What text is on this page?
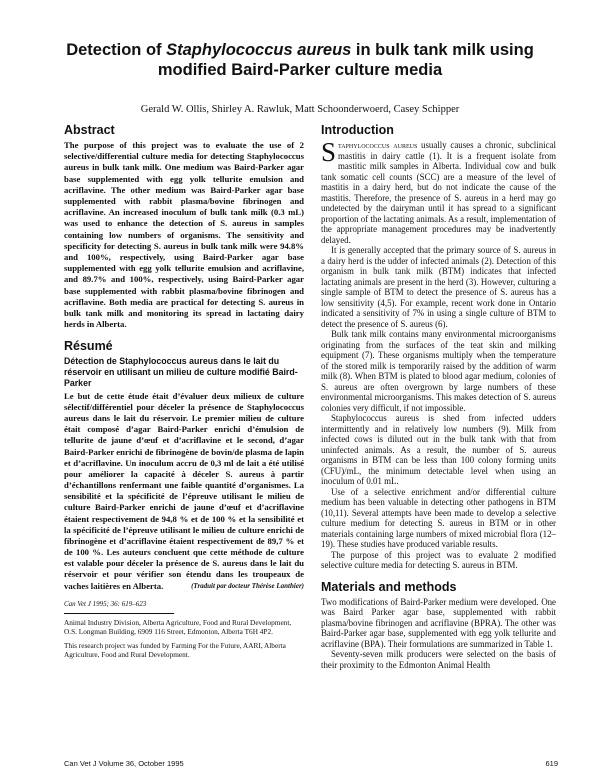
Detection of Staphylococcus aureus in bulk tank milk using modified Baird-Parker culture media
Gerald W. Ollis, Shirley A. Rawluk, Matt Schoonderwoerd, Casey Schipper
Abstract

The purpose of this project was to evaluate the use of 2 selective/differential culture media for detecting Staphylococcus aureus in bulk tank milk. One medium was Baird-Parker agar base supplemented with egg yolk tellurite emulsion and acriflavine. The other medium was Baird-Parker agar base supplemented with rabbit plasma/bovine fibrinogen and acriflavine. An increased inoculum of bulk tank milk (0.3 mL) was used to enhance the detection of S. aureus in samples containing low numbers of organisms. The sensitivity and specificity for detecting S. aureus in bulk tank milk were 94.8% and 100%, respectively, using Baird-Parker agar base supplemented with egg yolk tellurite emulsion and acriflavine, and 89.7% and 100%, respectively, using Baird-Parker agar base supplemented with rabbit plasma/bovine fibrinogen and acriflavine. Both media are practical for detecting S. aureus in bulk tank milk and monitoring its spread in lactating dairy herds in Alberta.

Résumé
Détection de Staphylococcus aureus dans le lait du réservoir en utilisant un milieu de culture modifié Baird-Parker

Le but de cette étude était d’évaluer deux milieux de culture sélectif/différentiel pour déceler la présence de Staphylococcus aureus dans le lait du réservoir. Le premier milieu de culture était composé d’agar Baird-Parker enrichi d’émulsion de tellurite de jaune d’œuf et d’acriflavine et le second, d’agar Baird-Parker enrichi de fibrinogène de bovin/de plasma de lapin et d’acriflavine. Un inoculum accru de 0,3 ml de lait a été utilisé pour améliorer la capacité à déceler S. aureus à partir d’échantillons renfermant une faible quantité d’organismes. La sensibilité et la spécificité de l’épreuve utilisant le milieu de culture Baird-Parker enrichi de jaune d’œuf et d’acriflavine étaient respectivement de 94,8 % et de 100 % et la sensibilité et la spécificité de l’épreuve utilisant le milieu de culture enrichi de fibrinogène et d’acriflavine étaient respectivement de 89,7 % et de 100 %. Les auteurs concluent que cette méthode de culture est valable pour déceler la présence de S. aureus dans le lait du réservoir et pour vérifier son étendu dans les troupeaux de vaches laitières en Alberta.	(Traduit par docteur Thérèse Lanthier)

Can Vet J 1995; 36: 619–623

Animal Industry Division, Alberta Agriculture, Food and Rural Development, O.S. Longman Building, 6909 116 Street, Edmonton, Alberta T6H 4P2.

This research project was funded by Farming For the Future, AARI, Alberta Agriculture, Food and Rural Development.

Introduction

Staphylococcus aureus usually causes a chronic, subclinical mastitis in dairy cattle (1). It is a frequent isolate from mastitic milk samples in Alberta. Individual cow and bulk tank somatic cell counts (SCC) are a measure of the level of mastitis in a dairy herd, but do not indicate the cause of the mastitis. Therefore, the presence of S. aureus in a herd may go undetected by the dairyman until it has spread to a significant proportion of the lactating animals. As a result, implementation of the appropriate management procedures may be inadvertently delayed.

It is generally accepted that the primary source of S. aureus in a dairy herd is the udder of infected animals (2). Detection of this organism in bulk tank milk (BTM) indicates that infected lactating animals are present in the herd (3). However, culturing a single sample of BTM to detect the presence of S. aureus has a low sensitivity (4,5). For example, recent work done in Ontario indicated a sensitivity of 7% in using a single culture of BTM to detect the presence of S. aureus (6).

Bulk tank milk contains many environmental microorganisms originating from the surfaces of the teat skin and milking equipment (7). These organisms multiply when the temperature of the stored milk is temporarily raised by the addition of warm milk (8). When BTM is plated to blood agar medium, colonies of S. aureus are often overgrown by large numbers of these environmental microorganisms. This makes detection of S. aureus colonies very difficult, if not impossible.

Staphylococcus aureus is shed from infected udders intermittently and in relatively low numbers (9). Milk from infected cows is diluted out in the bulk tank with that from uninfected animals. As a result, the number of S. aureus organisms in BTM can be less than 100 colony forming units (CFU)/mL, the minimum detectable level when using an inoculum of 0.01 mL.

Use of a selective enrichment and/or differential culture medium has been valuable in detecting other pathogens in BTM (10,11). Several attempts have been made to develop a selective culture medium for detecting S. aureus in BTM or in other materials containing large numbers of mixed microbial flora (12–19). These studies have produced variable results.

The purpose of this project was to evaluate 2 modified selective culture media for detecting S. aureus in BTM.

Materials and methods

Two modifications of Baird-Parker medium were developed. One was Baird Parker agar base, supplemented with rabbit plasma/bovine fibrinogen and acriflavine (BPRA). The other was Baird-Parker agar base, supplemented with egg yolk tellurite and acriflavine (BPA). Their formulations are summarized in Table 1.

Seventy-seven milk producers were selected on the basis of their proximity to the Edmonton Animal Health

Can Vet J Volume 36, October 1995	619
